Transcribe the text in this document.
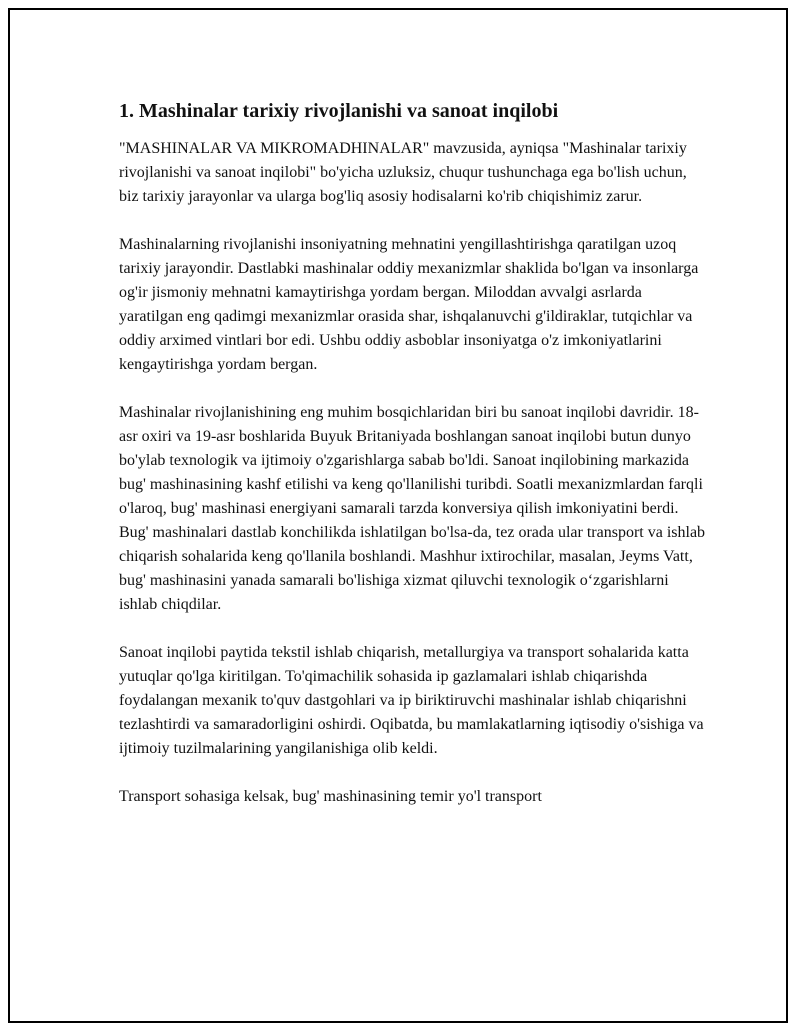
1. Mashinalar tarixiy rivojlanishi va sanoat inqilobi

"MASHINALAR VA MIKROMADHINALAR" mavzusida, ayniqsa "Mashinalar tarixiy rivojlanishi va sanoat inqilobi" bo'yicha uzluksiz, chuqur tushunchaga ega bo'lish uchun, biz tarixiy jarayonlar va ularga bog'liq asosiy hodisalarni ko'rib chiqishimiz zarur.

Mashinalarning rivojlanishi insoniyatning mehnatini yengillashtirishga qaratilgan uzoq tarixiy jarayondir. Dastlabki mashinalar oddiy mexanizmlar shaklida bo'lgan va insonlarga og'ir jismoniy mehnatni kamaytirishga yordam bergan. Miloddan avvalgi asrlarda yaratilgan eng qadimgi mexanizmlar orasida shar, ishqalanuvchi g'ildiraklar, tutqichlar va oddiy arximed vintlari bor edi. Ushbu oddiy asboblar insoniyatga o'z imkoniyatlarini kengaytirishga yordam bergan.

Mashinalar rivojlanishining eng muhim bosqichlaridan biri bu sanoat inqilobi davridir. 18-asr oxiri va 19-asr boshlarida Buyuk Britaniyada boshlangan sanoat inqilobi butun dunyo bo'ylab texnologik va ijtimoiy o'zgarishlarga sabab bo'ldi. Sanoat inqilobining markazida bug' mashinasining kashf etilishi va keng qo'llanilishi turibdi. Soatli mexanizmlardan farqli o'laroq, bug' mashinasi energiyani samarali tarzda konversiya qilish imkoniyatini berdi. Bug' mashinalari dastlab konchilikda ishlatilgan bo'lsa-da, tez orada ular transport va ishlab chiqarish sohalarida keng qo'llanila boshlandi. Mashhur ixtirochilar, masalan, Jeyms Vatt, bug' mashinasini yanada samarali bo'lishiga xizmat qiluvchi texnologik o‘zgarishlarni ishlab chiqdilar.

Sanoat inqilobi paytida tekstil ishlab chiqarish, metallurgiya va transport sohalarida katta yutuqlar qo'lga kiritilgan. To'qimachilik sohasida ip gazlamalari ishlab chiqarishda foydalangan mexanik to'quv dastgohlari va ip biriktiruvchi mashinalar ishlab chiqarishni tezlashtirdi va samaradorligini oshirdi. Oqibatda, bu mamlakatlarning iqtisodiy o'sishiga va ijtimoiy tuzilmalarining yangilanishiga olib keldi.

Transport sohasiga kelsak, bug' mashinasining temir yo'l transport
